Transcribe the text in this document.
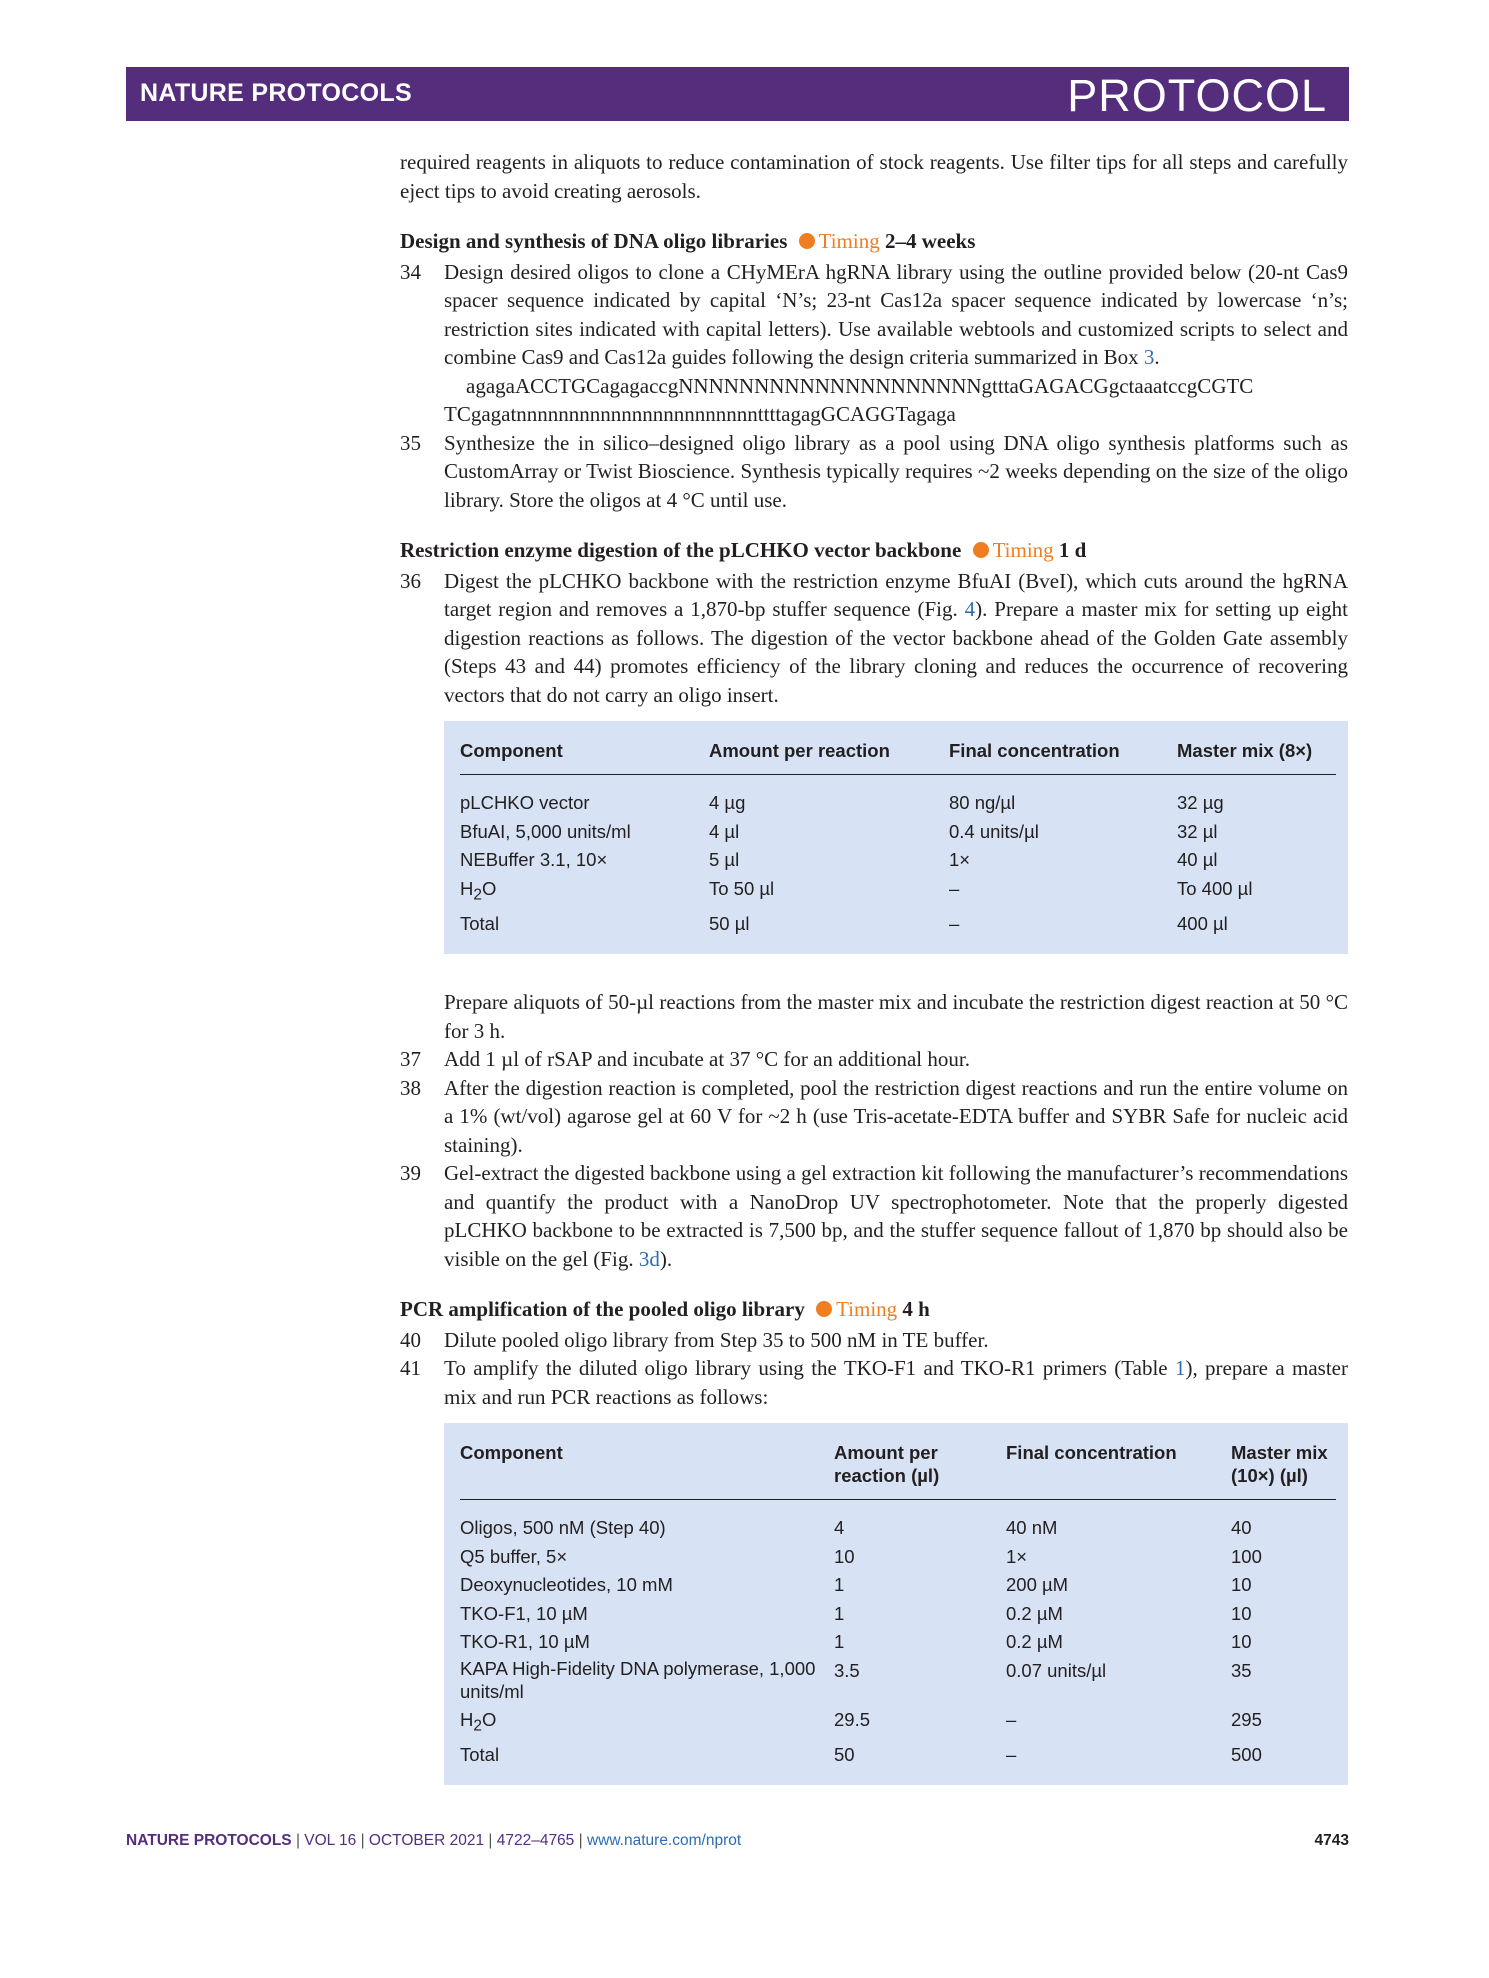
NATURE PROTOCOLS	PROTOCOL

required reagents in aliquots to reduce contamination of stock reagents. Use filter tips for all steps and carefully eject tips to avoid creating aerosols.

Design and synthesis of DNA oligo libraries Timing 2–4 weeks
34 Design desired oligos to clone a CHyMErA hgRNA library using the outline provided below (20-nt Cas9 spacer sequence indicated by capital ‘N’s; 23-nt Cas12a spacer sequence indicated by lowercase ‘n’s; restriction sites indicated with capital letters). Use available webtools and customized scripts to select and combine Cas9 and Cas12a guides following the design criteria summarized in Box 3.
agagaACCTGCagagaccgNNNNNNNNNNNNNNNNNNNNgtttaGAGACGgctaaatccgCGTC
TCgagatnnnnnnnnnnnnnnnnnnnnnnnttttagagGCAGGTagaga
35 Synthesize the in silico–designed oligo library as a pool using DNA oligo synthesis platforms such as CustomArray or Twist Bioscience. Synthesis typically requires ~2 weeks depending on the size of the oligo library. Store the oligos at 4 °C until use.
Restriction enzyme digestion of the pLCHKO vector backbone Timing 1 d
36 Digest the pLCHKO backbone with the restriction enzyme BfuAI (BveI), which cuts around the hgRNA target region and removes a 1,870-bp stuffer sequence (Fig. 4). Prepare a master mix for setting up eight digestion reactions as follows. The digestion of the vector backbone ahead of the Golden Gate assembly (Steps 43 and 44) promotes efficiency of the library cloning and reduces the occurrence of recovering vectors that do not carry an oligo insert.
Component	Amount per reaction	Final concentration	Master mix (8×)
pLCHKO vector	4 µg	80 ng/µl	32 µg
BfuAI, 5,000 units/ml	4 µl	0.4 units/µl	32 µl
NEBuffer 3.1, 10×	5 µl	1×	40 µl
$H_2O$	To 50 µl	–	To 400 µl
Total	50 µl	–	400 µl

Prepare aliquots of 50-µl reactions from the master mix and incubate the restriction digest reaction at 50 °C for 3 h.

37 Add 1 µl of rSAP and incubate at 37 °C for an additional hour.
38 After the digestion reaction is completed, pool the restriction digest reactions and run the entire volume on a 1% (wt/vol) agarose gel at 60 V for ~2 h (use Tris-acetate-EDTA buffer and SYBR Safe for nucleic acid staining).
39 Gel-extract the digested backbone using a gel extraction kit following the manufacturer’s recommendations and quantify the product with a NanoDrop UV spectrophotometer. Note that the properly digested pLCHKO backbone to be extracted is 7,500 bp, and the stuffer sequence fallout of 1,870 bp should also be visible on the gel (Fig. 3d).
PCR amplification of the pooled oligo library Timing 4 h
40 Dilute pooled oligo library from Step 35 to 500 nM in TE buffer.
41 To amplify the diluted oligo library using the TKO-F1 and TKO-R1 primers (Table 1), prepare a master mix and run PCR reactions as follows:
Component	Amount per reaction (µl)	Final concentration	Master mix (10×) (µl)
Oligos, 500 nM (Step 40)	4	40 nM	40
Q5 buffer, 5×	10	1×	100
Deoxynucleotides, 10 mM	1	200 µM	10
TKO-F1, 10 µM	1	0.2 µM	10
TKO-R1, 10 µM	1	0.2 µM	10
KAPA High-Fidelity DNA polymerase, 1,000 units/ml	3.5	0.07 units/µl	35
$H_2O$	29.5	–	295
Total	50	–	500
NATURE PROTOCOLS | VOL 16 | OCTOBER 2021 | 4722–4765 | www.nature.com/nprot	4743
